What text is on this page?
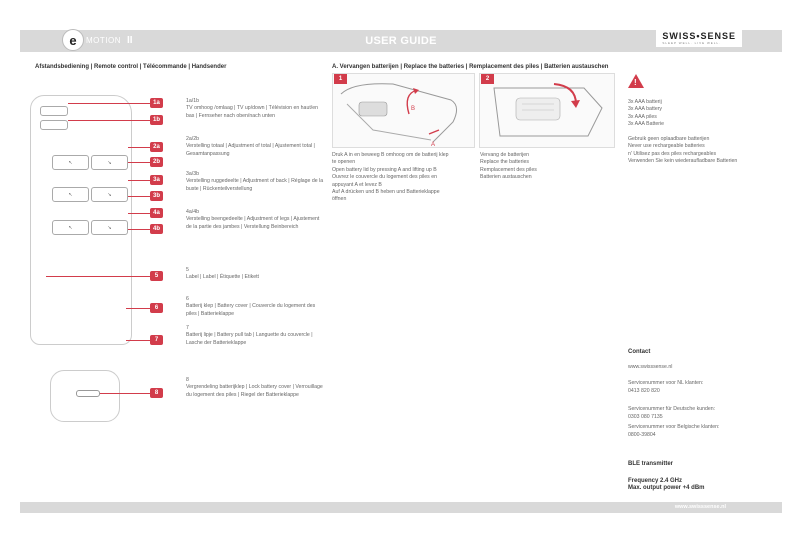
USER GUIDE
e	MOTION II	SWISS•SENSE
SLEEP WELL. LIVE WELL.
Afstandsbediening | Remote control | Télécommande | Handsender	A. Vervangen batterijen | Replace the batteries | Remplacement des piles | Batterien austauschen
↖	↘
↖	↘
↖	↘
1a
1b
2a
2b
3a
3b
4a
4b
5
6
7
8
1a/1b
TV omhoog /omlaag | TV up/down | Télévision en haut/en bas | Fernseher nach oben/nach unten
2a/2b
Verstelling totaal | Adjustment of total | Ajustement total | Gesamtanpassung
3a/3b
Verstelling ruggedeelte | Adjustment of back | Réglage de la buste | Rückenteilverstellung
4a/4b
Verstelling beengedeelte | Adjustment of legs | Ajustement de la partie des jambes | Verstellung Beinbereich
5
Label | Label | Étiquette | Etikett
6
Batterij klep | Battery cover | Couvercle du logement des piles | Batterieklappe
7
Batterij lipje | Battery pull tab | Languette du couvercle | Lasche der Batterieklappe
8
Vergrendeling batterijklep | Lock battery cover | Verrouillage du logement des piles | Riegel der Batterieklappe
B
A
1	2
Druk A in en beweeg B omhoog om de batterij klep
te openen
Open battery lid by pressing A and lifting up B
Ouvrez le couvercle du logement des piles en
appuyant A et levez B
Auf A drücken und B heben und Batterieklappe
öffnen
Vervang de batterijen
Replace the batteries
Remplacement des piles
Batterien austauschen
!
3x AAA batterij
3x AAA battery
3x AAA piles
3x AAA Batterie
Gebruik geen oplaadbare batterijen
Never use rechargeable batteries
n' Utilisez pas des piles rechargeables
Verwenden Sie kein wiederaufladbare Batterien
Contact
www.swisssense.nl
Servicenummer voor NL klanten:
0413 820 820
Servicenummer für Deutsche kunden:
0303 080 7135
Servicenummer voor Belgische klanten:
0800-39804
BLE transmitter
Frequency 2.4 GHz
Max. output power +4 dBm
www.swisssense.nl
